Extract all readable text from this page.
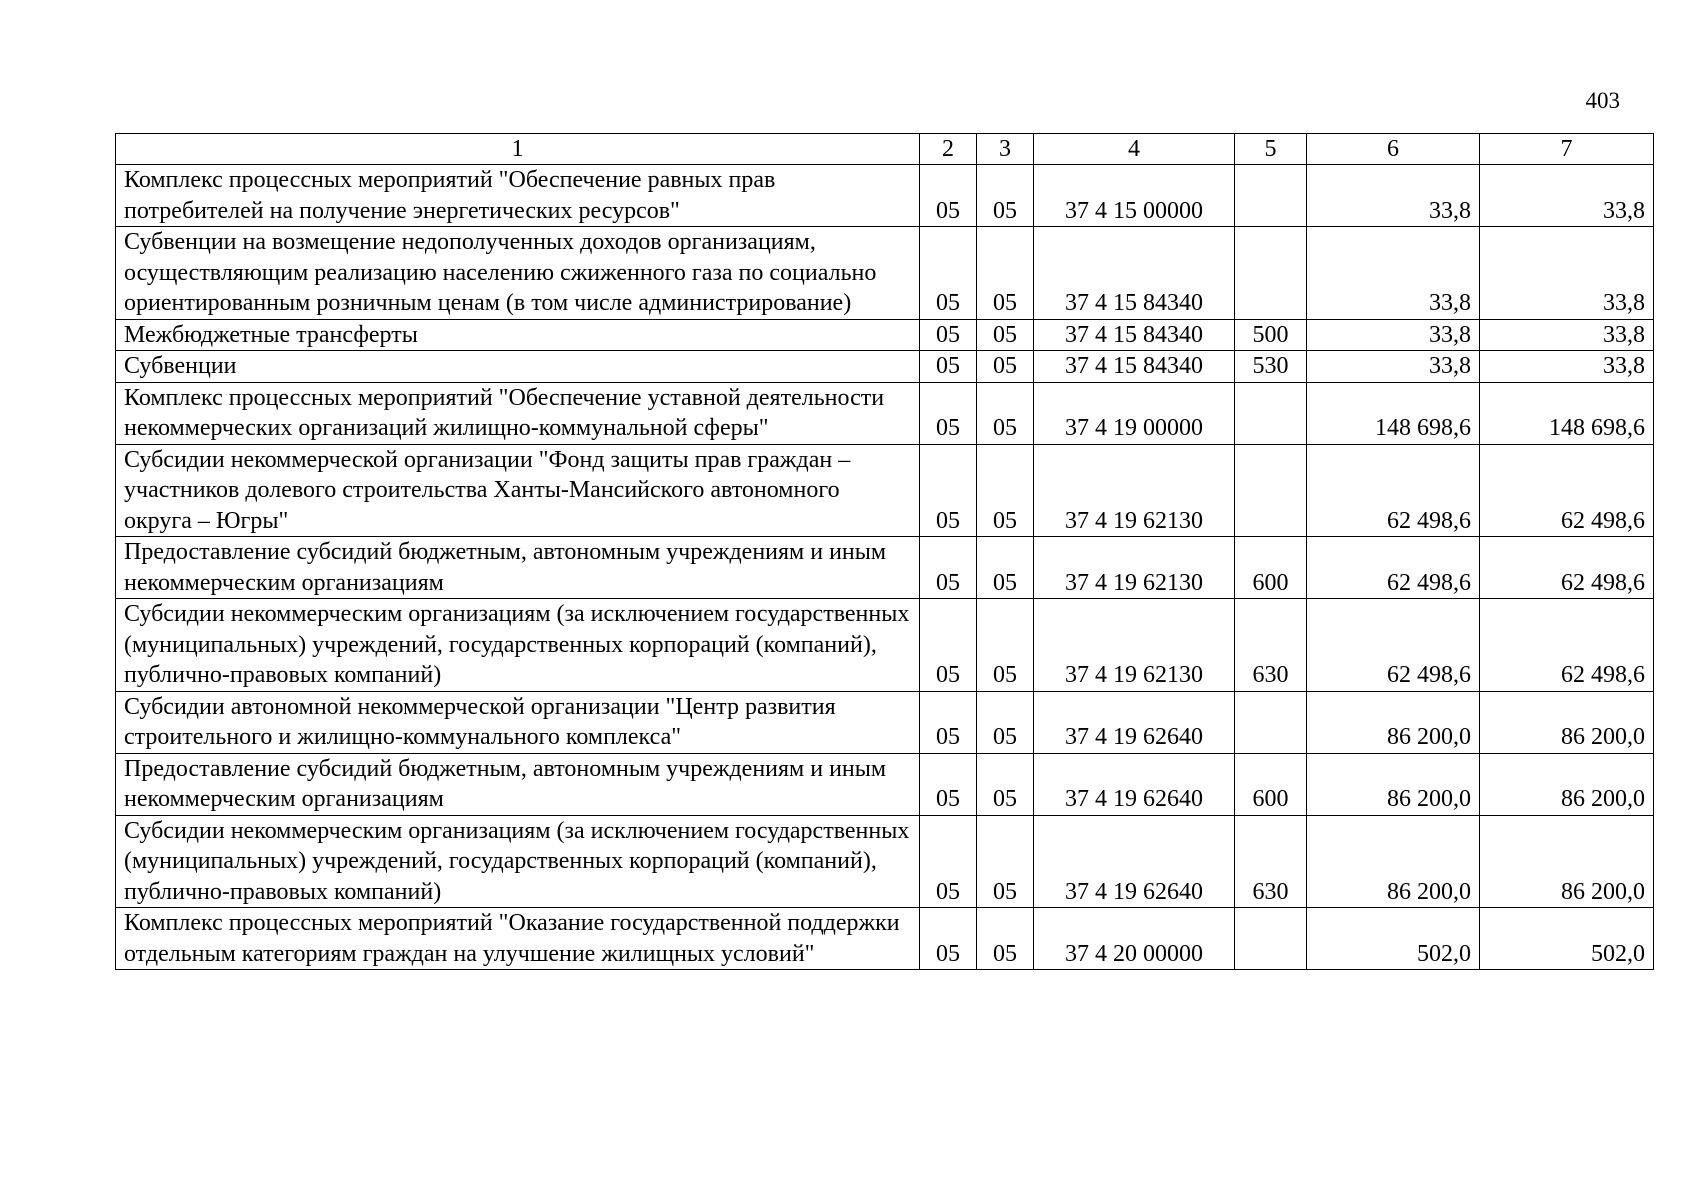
403
1	2	3	4	5	6	7
Комплекс процессных мероприятий "Обеспечение равных прав потребителей на получение энергетических ресурсов"	05	05	37 4 15 00000		33,8	33,8
Субвенции на возмещение недополученных доходов организациям, осуществляющим реализацию населению сжиженного газа по социально ориентированным розничным ценам (в том числе администрирование)	05	05	37 4 15 84340		33,8	33,8
Межбюджетные трансферты	05	05	37 4 15 84340	500	33,8	33,8
Субвенции	05	05	37 4 15 84340	530	33,8	33,8
Комплекс процессных мероприятий "Обеспечение уставной деятельности некоммерческих организаций жилищно-коммунальной сферы"	05	05	37 4 19 00000		148 698,6	148 698,6
Субсидии некоммерческой организации "Фонд защиты прав граждан – участников долевого строительства Ханты-Мансийского автономного округа – Югры"	05	05	37 4 19 62130		62 498,6	62 498,6
Предоставление субсидий бюджетным, автономным учреждениям и иным некоммерческим организациям	05	05	37 4 19 62130	600	62 498,6	62 498,6
Субсидии некоммерческим организациям (за исключением государственных (муниципальных) учреждений, государственных корпораций (компаний), публично-правовых компаний)	05	05	37 4 19 62130	630	62 498,6	62 498,6
Субсидии автономной некоммерческой организации "Центр развития строительного и жилищно-коммунального комплекса"	05	05	37 4 19 62640		86 200,0	86 200,0
Предоставление субсидий бюджетным, автономным учреждениям и иным некоммерческим организациям	05	05	37 4 19 62640	600	86 200,0	86 200,0
Субсидии некоммерческим организациям (за исключением государственных (муниципальных) учреждений, государственных корпораций (компаний), публично-правовых компаний)	05	05	37 4 19 62640	630	86 200,0	86 200,0
Комплекс процессных мероприятий "Оказание государственной поддержки отдельным категориям граждан на улучшение жилищных условий"	05	05	37 4 20 00000		502,0	502,0
